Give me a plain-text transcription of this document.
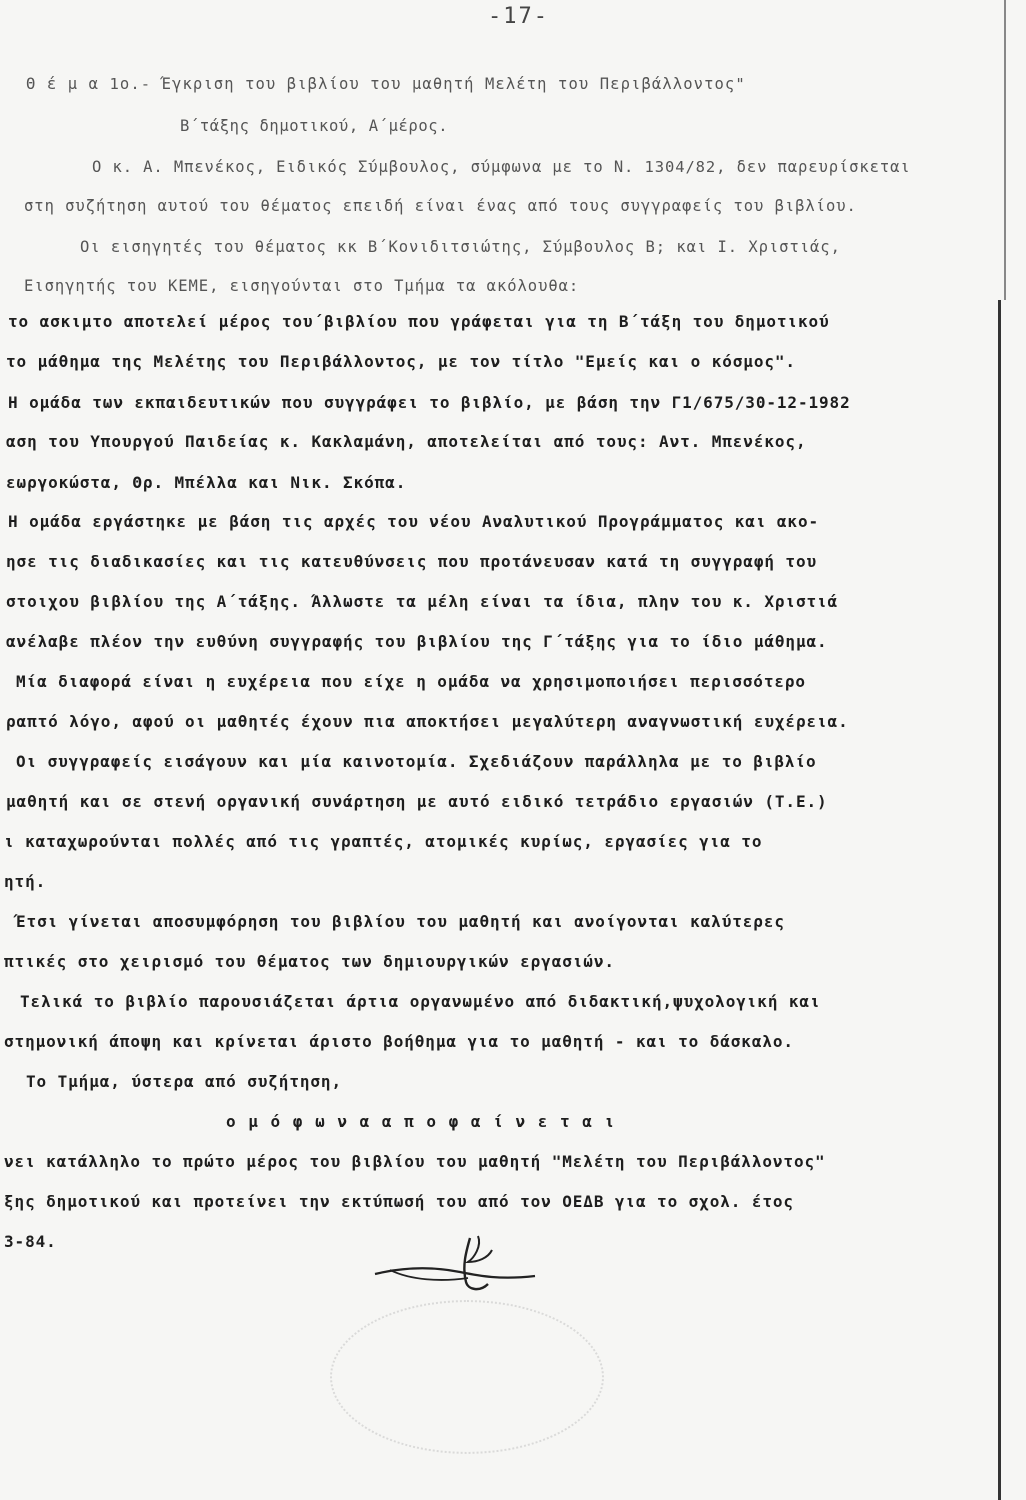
-17-
Θ έ μ α 1ο.- Έγκριση του βιβλίου του μαθητή Μελέτη του Περιβάλλοντος"
Β΄τάξης δημοτικού, Α΄μέρος.
Ο κ. Α. Μπενέκος, Ειδικός Σύμβουλος, σύμφωνα με το Ν. 1304/82, δεν παρευρίσκεται
στη συζήτηση αυτού του θέματος επειδή είναι ένας από τους συγγραφείς του βιβλίου.
Οι εισηγητές του θέματος κκ Β΄Κονιδιτσιώτης, Σύμβουλος Β; και Ι. Χριστιάς,
Εισηγητής του ΚΕΜΕ, εισηγούνται στο Τμήμα τα ακόλουθα:
το ασκιμτο αποτελεί μέρος του΄βιβλίου που γράφεται για τη Β΄τάξη του δημοτικού
το μάθημα της Μελέτης του Περιβάλλοντος, με τον τίτλο "Εμείς και ο κόσμος".
Η ομάδα των εκπαιδευτικών που συγγράφει το βιβλίο, με βάση την Γ1/675/30-12-1982
αση του Υπουργού Παιδείας κ. Κακλαμάνη, αποτελείται από τους: Αντ. Μπενέκος,
εωργοκώστα, Θρ. Μπέλλα και Νικ. Σκόπα.
Η ομάδα εργάστηκε με βάση τις αρχές του νέου Αναλυτικού Προγράμματος και ακο-
ησε τις διαδικασίες και τις κατευθύνσεις που προτάνευσαν κατά τη συγγραφή του
στοιχου βιβλίου της Α΄τάξης. Άλλωστε τα μέλη είναι τα ίδια, πλην του κ. Χριστιά
ανέλαβε πλέον την ευθύνη συγγραφής του βιβλίου της Γ΄τάξης για το ίδιο μάθημα.
Μία διαφορά είναι η ευχέρεια που είχε η ομάδα να χρησιμοποιήσει περισσότερο
ραπτό λόγο, αφού οι μαθητές έχουν πια αποκτήσει μεγαλύτερη αναγνωστική ευχέρεια.
Οι συγγραφείς εισάγουν και μία καινοτομία. Σχεδιάζουν παράλληλα με το βιβλίο
μαθητή και σε στενή οργανική συνάρτηση με αυτό ειδικό τετράδιο εργασιών (Τ.Ε.)
ι καταχωρούνται πολλές από τις γραπτές, ατομικές κυρίως, εργασίες για το
ητή.
Έτσι γίνεται αποσυμφόρηση του βιβλίου του μαθητή και ανοίγονται καλύτερες
πτικές στο χειρισμό του θέματος των δημιουργικών εργασιών.
Τελικά το βιβλίο παρουσιάζεται άρτια οργανωμένο από διδακτική,ψυχολογική και
στημονική άποψη και κρίνεται άριστο βοήθημα για το μαθητή - και το δάσκαλο.
Το Τμήμα, ύστερα από συζήτηση,
ο μ ό φ ω ν α α π ο φ α ί ν ε τ α ι
νει κατάλληλο το πρώτο μέρος του βιβλίου του μαθητή "Μελέτη του Περιβάλλοντος"
ξης δημοτικού και προτείνει την εκτύπωσή του από τον ΟΕΔΒ για το σχολ. έτος
3-84.
